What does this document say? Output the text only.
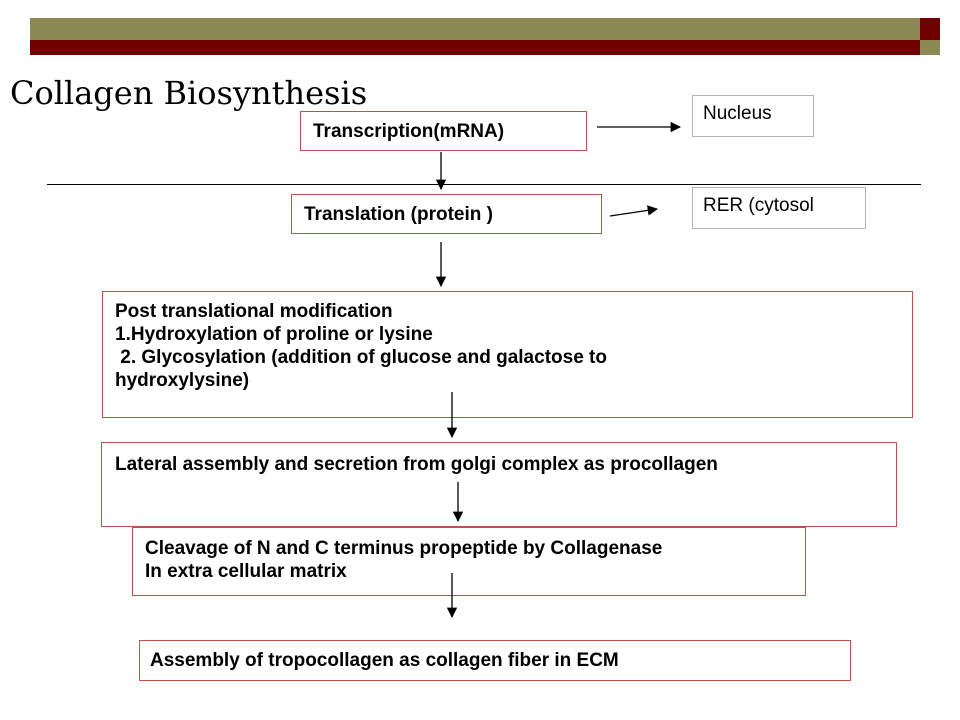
Collagen Biosynthesis
Nucleus
RER (cytosol
Transcription(mRNA)
Translation (protein )
Post translational modification
1.Hydroxylation of proline or lysine
2. Glycosylation (addition of glucose and galactose to
hydroxylysine)
Lateral assembly and secretion from golgi complex as procollagen
Cleavage of N and C terminus propeptide by Collagenase
In extra cellular matrix
Assembly of tropocollagen as collagen fiber in ECM
